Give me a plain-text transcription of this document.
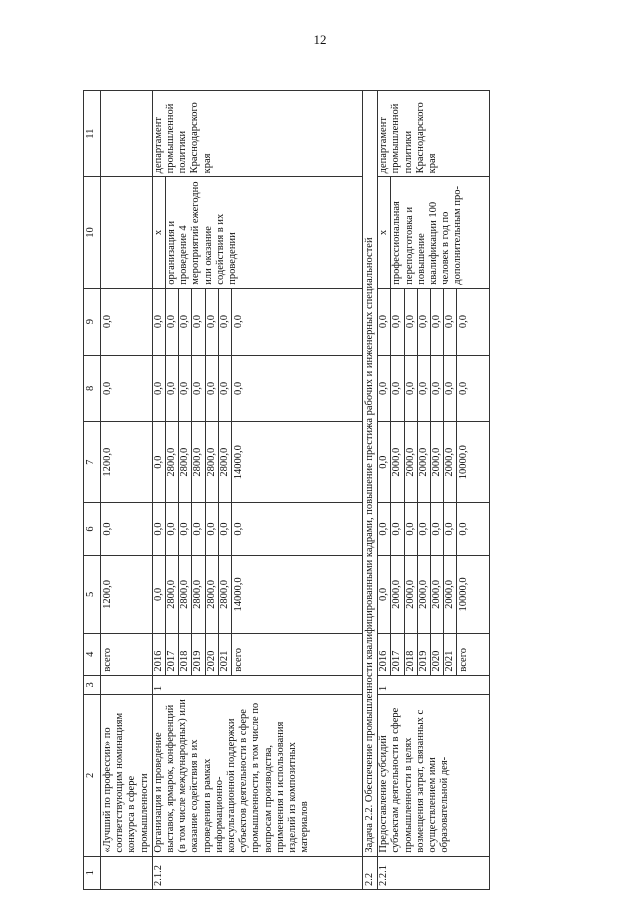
12
1	2	3	4	5	6	7	8	9	10	11
	«Лучший по профессии» по соответствующим номинациям конкурса в сфере промышленности		всего	1200,0	0,0	1200,0	0,0	0,0		
2.1.2	Организация и проведение выставок, ярмарок, конференций (в том числе международных) или оказание содействия в их проведении в рамках информационно-консультационной поддержки субъектов деятельности в сфере промышленности, в том числе по вопросам производства, применения и использования изделий из композитных материалов	1	2016	0,0	0,0	0,0	0,0	0,0	x	департамент промышленной политики Краснодарского края
			2017	2800,0	0,0	2800,0	0,0	0,0	организация и проведение 4 мероприятий ежегодно или оказание содействия в их проведении	
			2018	2800,0	0,0	2800,0	0,0	0,0		
			2019	2800,0	0,0	2800,0	0,0	0,0		
			2020	2800,0	0,0	2800,0	0,0	0,0		
			2021	2800,0	0,0	2800,0	0,0	0,0		
			всего	14000,0	0,0	14000,0	0,0	0,0		
2.2	Задача 2.2. Обеспечение промышленности квалифицированными кадрами, повышение престижа рабочих и инженерных специальностей									
2.2.1	Предоставление субсидий субъектам деятельности в сфере промышленности в целях возмещения затрат, связанных с осуществлением ими образовательной дея-	1	2016	0,0	0,0	0,0	0,0	0,0	x	департамент промышленной политики Краснодарского края
			2017	2000,0	0,0	2000,0	0,0	0,0	профессиональная переподготовка и повышение квалификации 100 человек в год по дополнительным про-	
			2018	2000,0	0,0	2000,0	0,0	0,0		
			2019	2000,0	0,0	2000,0	0,0	0,0		
			2020	2000,0	0,0	2000,0	0,0	0,0		
			2021	2000,0	0,0	2000,0	0,0	0,0		
			всего	10000,0	0,0	10000,0	0,0	0,0		
